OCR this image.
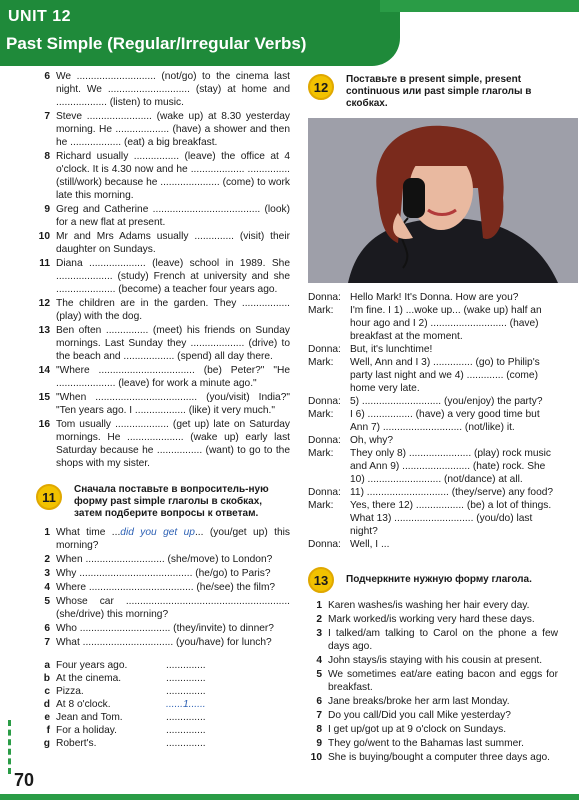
UNIT 12
Past Simple (Regular/Irregular Verbs)
6 We ............................ (not/go) to the cinema last night. We ............................. (stay) at home and .................. (listen) to music.
7 Steve ....................... (wake up) at 8.30 yesterday morning. He ................... (have) a shower and then he .................. (eat) a big breakfast.
8 Richard usually ................ (leave) the office at 4 o'clock. It is 4.30 now and he ................... ............... (still/work) because he ..................... (come) to work late this morning.
9 Greg and Catherine ...................................... (look) for a new flat at present.
10 Mr and Mrs Adams usually .............. (visit) their daughter on Sundays.
11 Diana .................... (leave) school in 1989. She .................... (study) French at university and she ..................... (become) a teacher four years ago.
12 The children are in the garden. They ................. (play) with the dog.
13 Ben often ............... (meet) his friends on Sunday mornings. Last Sunday they ................... (drive) to the beach and .................. (spend) all day there.
14 "Where .................................. (be) Peter?" "He ..................... (leave) for work a minute ago."
15 "When .................................... (you/visit) India?" "Ten years ago. I .................. (like) it very much."
16 Tom usually ................... (get up) late on Saturday mornings. He .................... (wake up) early last Saturday because he ................ (want) to go to the shops with my sister.
11	Сначала поставьте в вопроситель-ную форму past simple глаголы в скобках, затем подберите вопросы к ответам.
1 What time ...did you get up... (you/get up) this morning?
2 When ............................ (she/move) to London?
3 Why ........................................ (he/go) to Paris?
4 Where ..................................... (he/see) the film?
5 Whose car .......................................................... (she/drive) this morning?
6 Who ................................ (they/invite) to dinner?
7 What ................................ (you/have) for lunch?
a Four years ago.	..............
b At the cinema.	..............
c Pizza.	..............
d At 8 o'clock.	......1......
e Jean and Tom.	..............
f For a holiday.	..............
g Robert's.	..............
12	Поставьте в present simple, present continuous или past simple глаголы в скобках.
Donna: Hello Mark! It's Donna. How are you?
Mark:	I'm fine. I 1) ...woke up... (wake up) half an hour ago and I 2) ........................... (have) breakfast at the moment.
Donna: But, it's lunchtime!
Mark:	Well, Ann and I 3) .............. (go) to Philip's party last night and we 4) ............. (come) home very late.
Donna: 5) ............................ (you/enjoy) the party?
Mark:	I 6) ................ (have) a very good time but Ann 7) ............................ (not/like) it.
Donna: Oh, why?
Mark:	They only 8) ...................... (play) rock music and Ann 9) ........................ (hate) rock. She 10) .......................... (not/dance) at all.
Donna: 11) ............................. (they/serve) any food?
Mark:	Yes, there 12) ................. (be) a lot of things. What 13) ............................ (you/do) last night?
Donna: Well, I ...
13	Подчеркните нужную форму глагола.
1 Karen washes/is washing her hair every day.
2 Mark worked/is working very hard these days.
3 I talked/am talking to Carol on the phone a few days ago.
4 John stays/is staying with his cousin at present.
5 We sometimes eat/are eating bacon and eggs for breakfast.
6 Jane breaks/broke her arm last Monday.
7 Do you call/Did you call Mike yesterday?
8 I get up/got up at 9 o'clock on Sundays.
9 They go/went to the Bahamas last summer.
10 She is buying/bought a computer three days ago.
70
